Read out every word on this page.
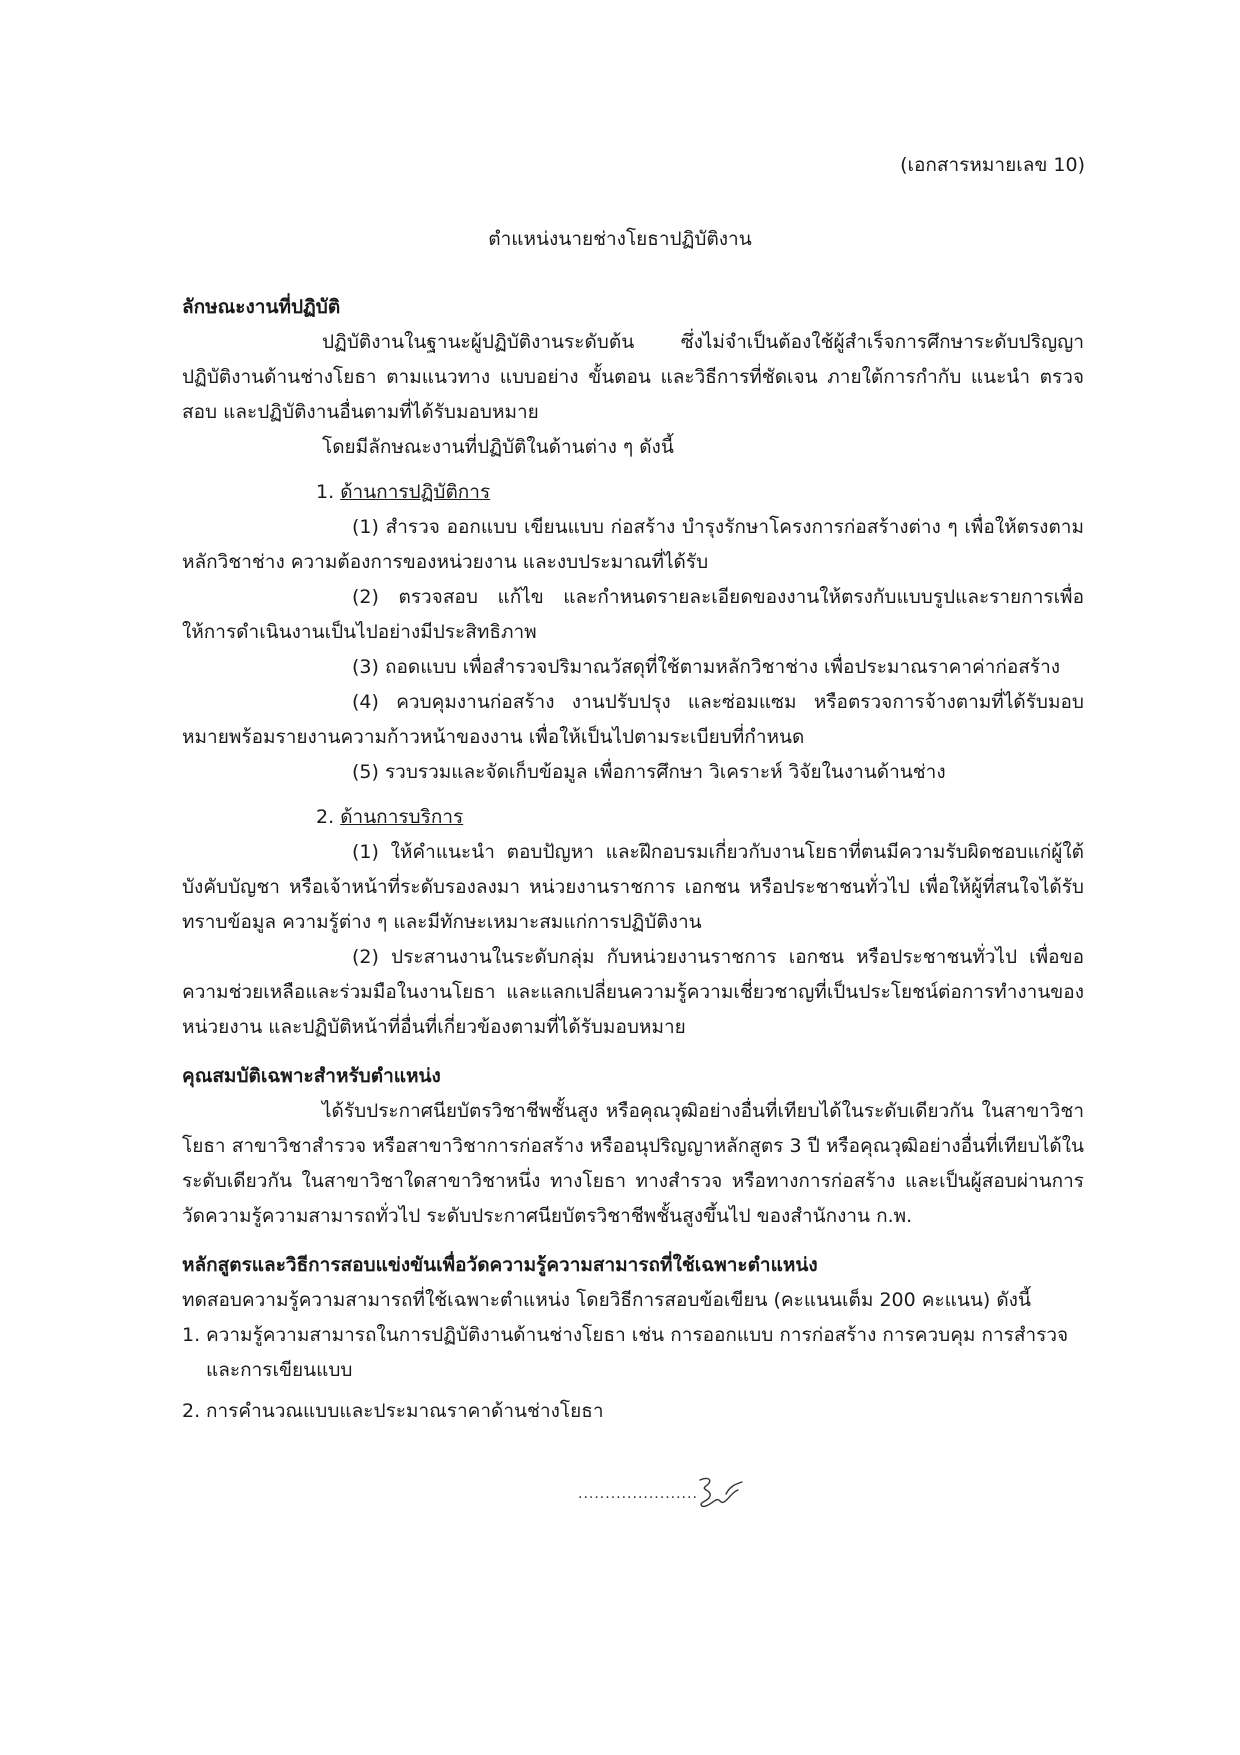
(เอกสารหมายเลข 10)
ตำแหน่งนายช่างโยธาปฏิบัติงาน

ลักษณะงานที่ปฏิบัติ

ปฏิบัติงานในฐานะผู้ปฏิบัติงานระดับต้น ซึ่งไม่จำเป็นต้องใช้ผู้สำเร็จการศึกษาระดับปริญญา ปฏิบัติงานด้านช่างโยธา ตามแนวทาง แบบอย่าง ขั้นตอน และวิธีการที่ชัดเจน ภายใต้การกำกับ แนะนำ ตรวจสอบ และปฏิบัติงานอื่นตามที่ได้รับมอบหมาย

โดยมีลักษณะงานที่ปฏิบัติในด้านต่าง ๆ ดังนี้

1. ด้านการปฏิบัติการ

(1) สำรวจ ออกแบบ เขียนแบบ ก่อสร้าง บำรุงรักษาโครงการก่อสร้างต่าง ๆ เพื่อให้ตรงตามหลักวิชาช่าง ความต้องการของหน่วยงาน และงบประมาณที่ได้รับ

(2) ตรวจสอบ แก้ไข และกำหนดรายละเอียดของงานให้ตรงกับแบบรูปและรายการเพื่อให้การดำเนินงานเป็นไปอย่างมีประสิทธิภาพ

(3) ถอดแบบ เพื่อสำรวจปริมาณวัสดุที่ใช้ตามหลักวิชาช่าง เพื่อประมาณราคาค่าก่อสร้าง

(4) ควบคุมงานก่อสร้าง งานปรับปรุง และซ่อมแซม หรือตรวจการจ้างตามที่ได้รับมอบหมายพร้อมรายงานความก้าวหน้าของงาน เพื่อให้เป็นไปตามระเบียบที่กำหนด

(5) รวบรวมและจัดเก็บข้อมูล เพื่อการศึกษา วิเคราะห์ วิจัยในงานด้านช่าง

2. ด้านการบริการ

(1) ให้คำแนะนำ ตอบปัญหา และฝึกอบรมเกี่ยวกับงานโยธาที่ตนมีความรับผิดชอบแก่ผู้ใต้บังคับบัญชา หรือเจ้าหน้าที่ระดับรองลงมา หน่วยงานราชการ เอกชน หรือประชาชนทั่วไป เพื่อให้ผู้ที่สนใจได้รับทราบข้อมูล ความรู้ต่าง ๆ และมีทักษะเหมาะสมแก่การปฏิบัติงาน

(2) ประสานงานในระดับกลุ่ม กับหน่วยงานราชการ เอกชน หรือประชาชนทั่วไป เพื่อขอความช่วยเหลือและร่วมมือในงานโยธา และแลกเปลี่ยนความรู้ความเชี่ยวชาญที่เป็นประโยชน์ต่อการทำงานของหน่วยงาน และปฏิบัติหน้าที่อื่นที่เกี่ยวข้องตามที่ได้รับมอบหมาย

คุณสมบัติเฉพาะสำหรับตำแหน่ง

ได้รับประกาศนียบัตรวิชาชีพชั้นสูง หรือคุณวุฒิอย่างอื่นที่เทียบได้ในระดับเดียวกัน ในสาขาวิชาโยธา สาขาวิชาสำรวจ หรือสาขาวิชาการก่อสร้าง หรืออนุปริญญาหลักสูตร 3 ปี หรือคุณวุฒิอย่างอื่นที่เทียบได้ในระดับเดียวกัน ในสาขาวิชาใดสาขาวิชาหนึ่ง ทางโยธา ทางสำรวจ หรือทางการก่อสร้าง และเป็นผู้สอบผ่านการวัดความรู้ความสามารถทั่วไป ระดับประกาศนียบัตรวิชาชีพชั้นสูงขึ้นไป ของสำนักงาน ก.พ.

หลักสูตรและวิธีการสอบแข่งขันเพื่อวัดความรู้ความสามารถที่ใช้เฉพาะตำแหน่ง

ทดสอบความรู้ความสามารถที่ใช้เฉพาะตำแหน่ง โดยวิธีการสอบข้อเขียน (คะแนนเต็ม 200 คะแนน) ดังนี้

1. ความรู้ความสามารถในการปฏิบัติงานด้านช่างโยธา เช่น การออกแบบ การก่อสร้าง การควบคุม การสำรวจ และการเขียนแบบ
2. การคำนวณแบบและประมาณราคาด้านช่างโยธา
......................
